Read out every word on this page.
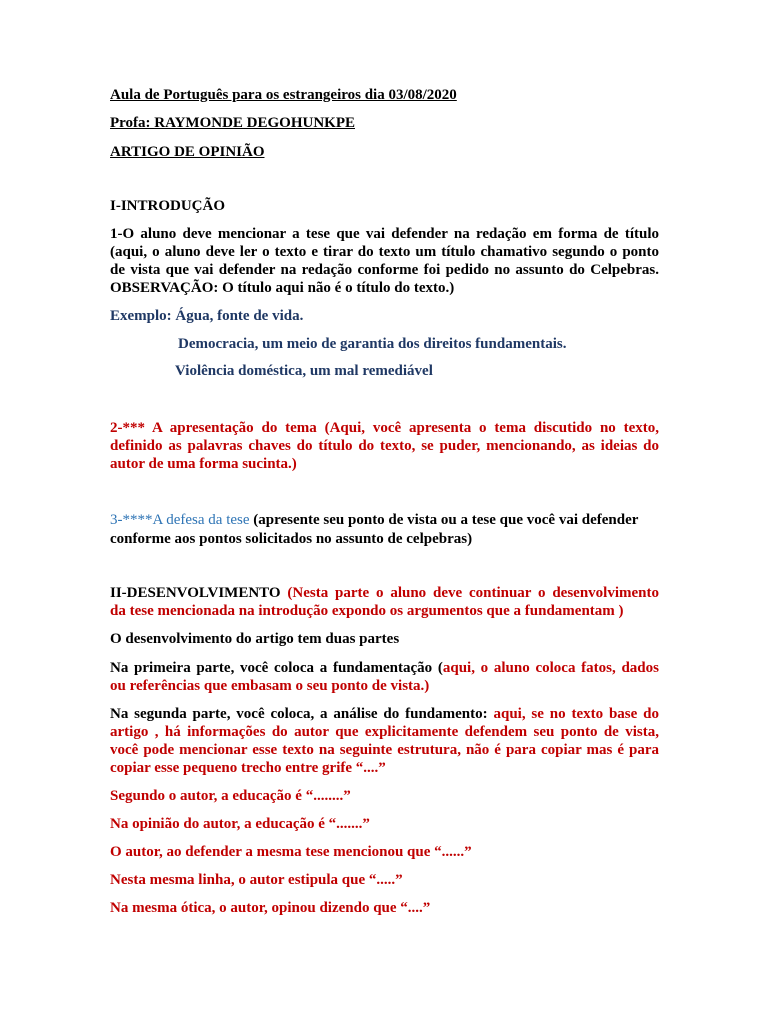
Aula de Português para os estrangeiros dia 03/08/2020
Profa: RAYMONDE DEGOHUNKPE
ARTIGO DE OPINIÃO
I-INTRODUÇÃO
1-O aluno deve mencionar a tese que vai defender na redação em forma de título
(aqui, o aluno deve ler o texto e tirar do texto um título chamativo segundo o ponto
de vista que vai defender na redação conforme foi pedido no assunto do Celpebras.
OBSERVAÇÃO: O título aqui não é o título do texto.)
Exemplo: Água, fonte de vida.
Democracia, um meio de garantia dos direitos fundamentais.
Violência doméstica, um mal remediável
2-*** A apresentação do tema (Aqui, você apresenta o tema discutido no texto,
definido as palavras chaves do título do texto, se puder, mencionando, as ideias do
autor de uma forma sucinta.)
3-****A defesa da tese (apresente seu ponto de vista ou a tese que você vai defender
conforme aos pontos solicitados no assunto de celpebras)
II-DESENVOLVIMENTO (Nesta parte o aluno deve continuar o desenvolvimento
da tese mencionada na introdução expondo os argumentos que a fundamentam )
O desenvolvimento do artigo tem duas partes
Na primeira parte, você coloca a fundamentação (aqui, o aluno coloca fatos, dados
ou referências que embasam o seu ponto de vista.)
Na segunda parte, você coloca, a análise do fundamento: aqui, se no texto base do
artigo , há informações do autor que explicitamente defendem seu ponto de vista,
você pode mencionar esse texto na seguinte estrutura, não é para copiar mas é para
copiar esse pequeno trecho entre grife “....”
Segundo o autor, a educação é “........”
Na opinião do autor, a educação é “.......”
O autor, ao defender a mesma tese mencionou que “......”
Nesta mesma linha, o autor estipula que “.....”
Na mesma ótica, o autor, opinou dizendo que “....”
